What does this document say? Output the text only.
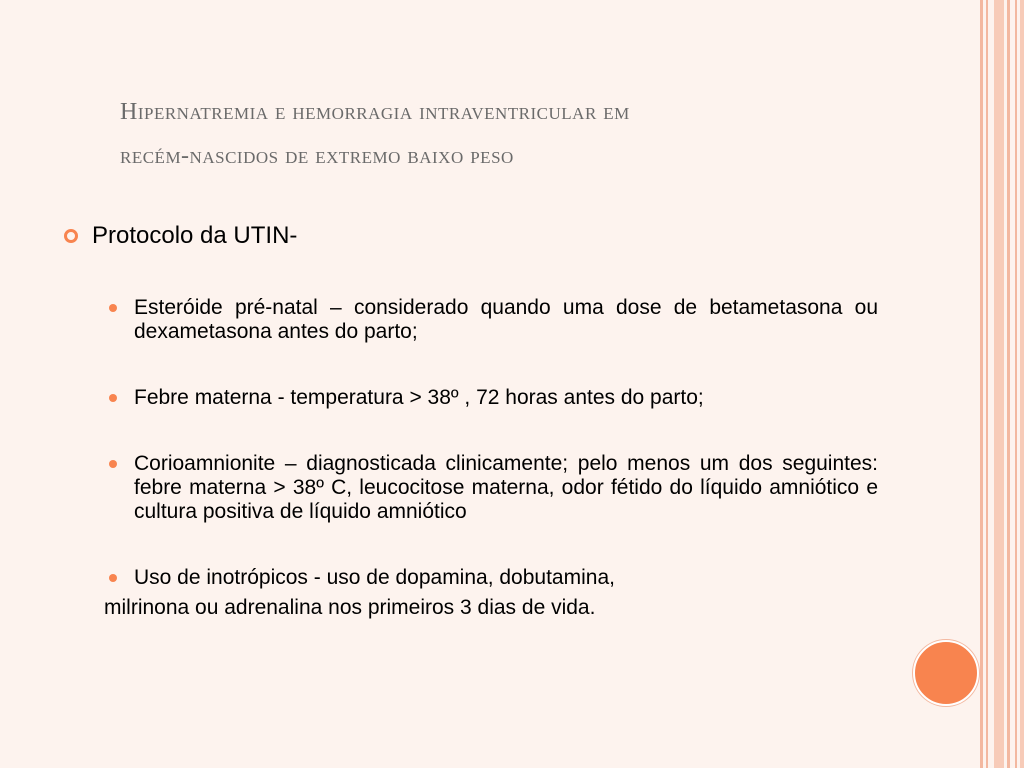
Hipernatremia e hemorragia intraventricular em
recém-nascidos de extremo baixo peso
Protocolo da UTIN-
Esteróide pré-natal – considerado quando uma dose de betametasona ou dexametasona antes do parto;
Febre materna - temperatura > 38º , 72 horas antes do parto;
Corioamnionite – diagnosticada clinicamente; pelo menos um dos seguintes: febre materna > 38º C, leucocitose materna, odor fétido do líquido amniótico e cultura positiva de líquido amniótico
Uso de inotrópicos - uso de dopamina, dobutamina,
milrinona ou adrenalina nos primeiros 3 dias de vida.
